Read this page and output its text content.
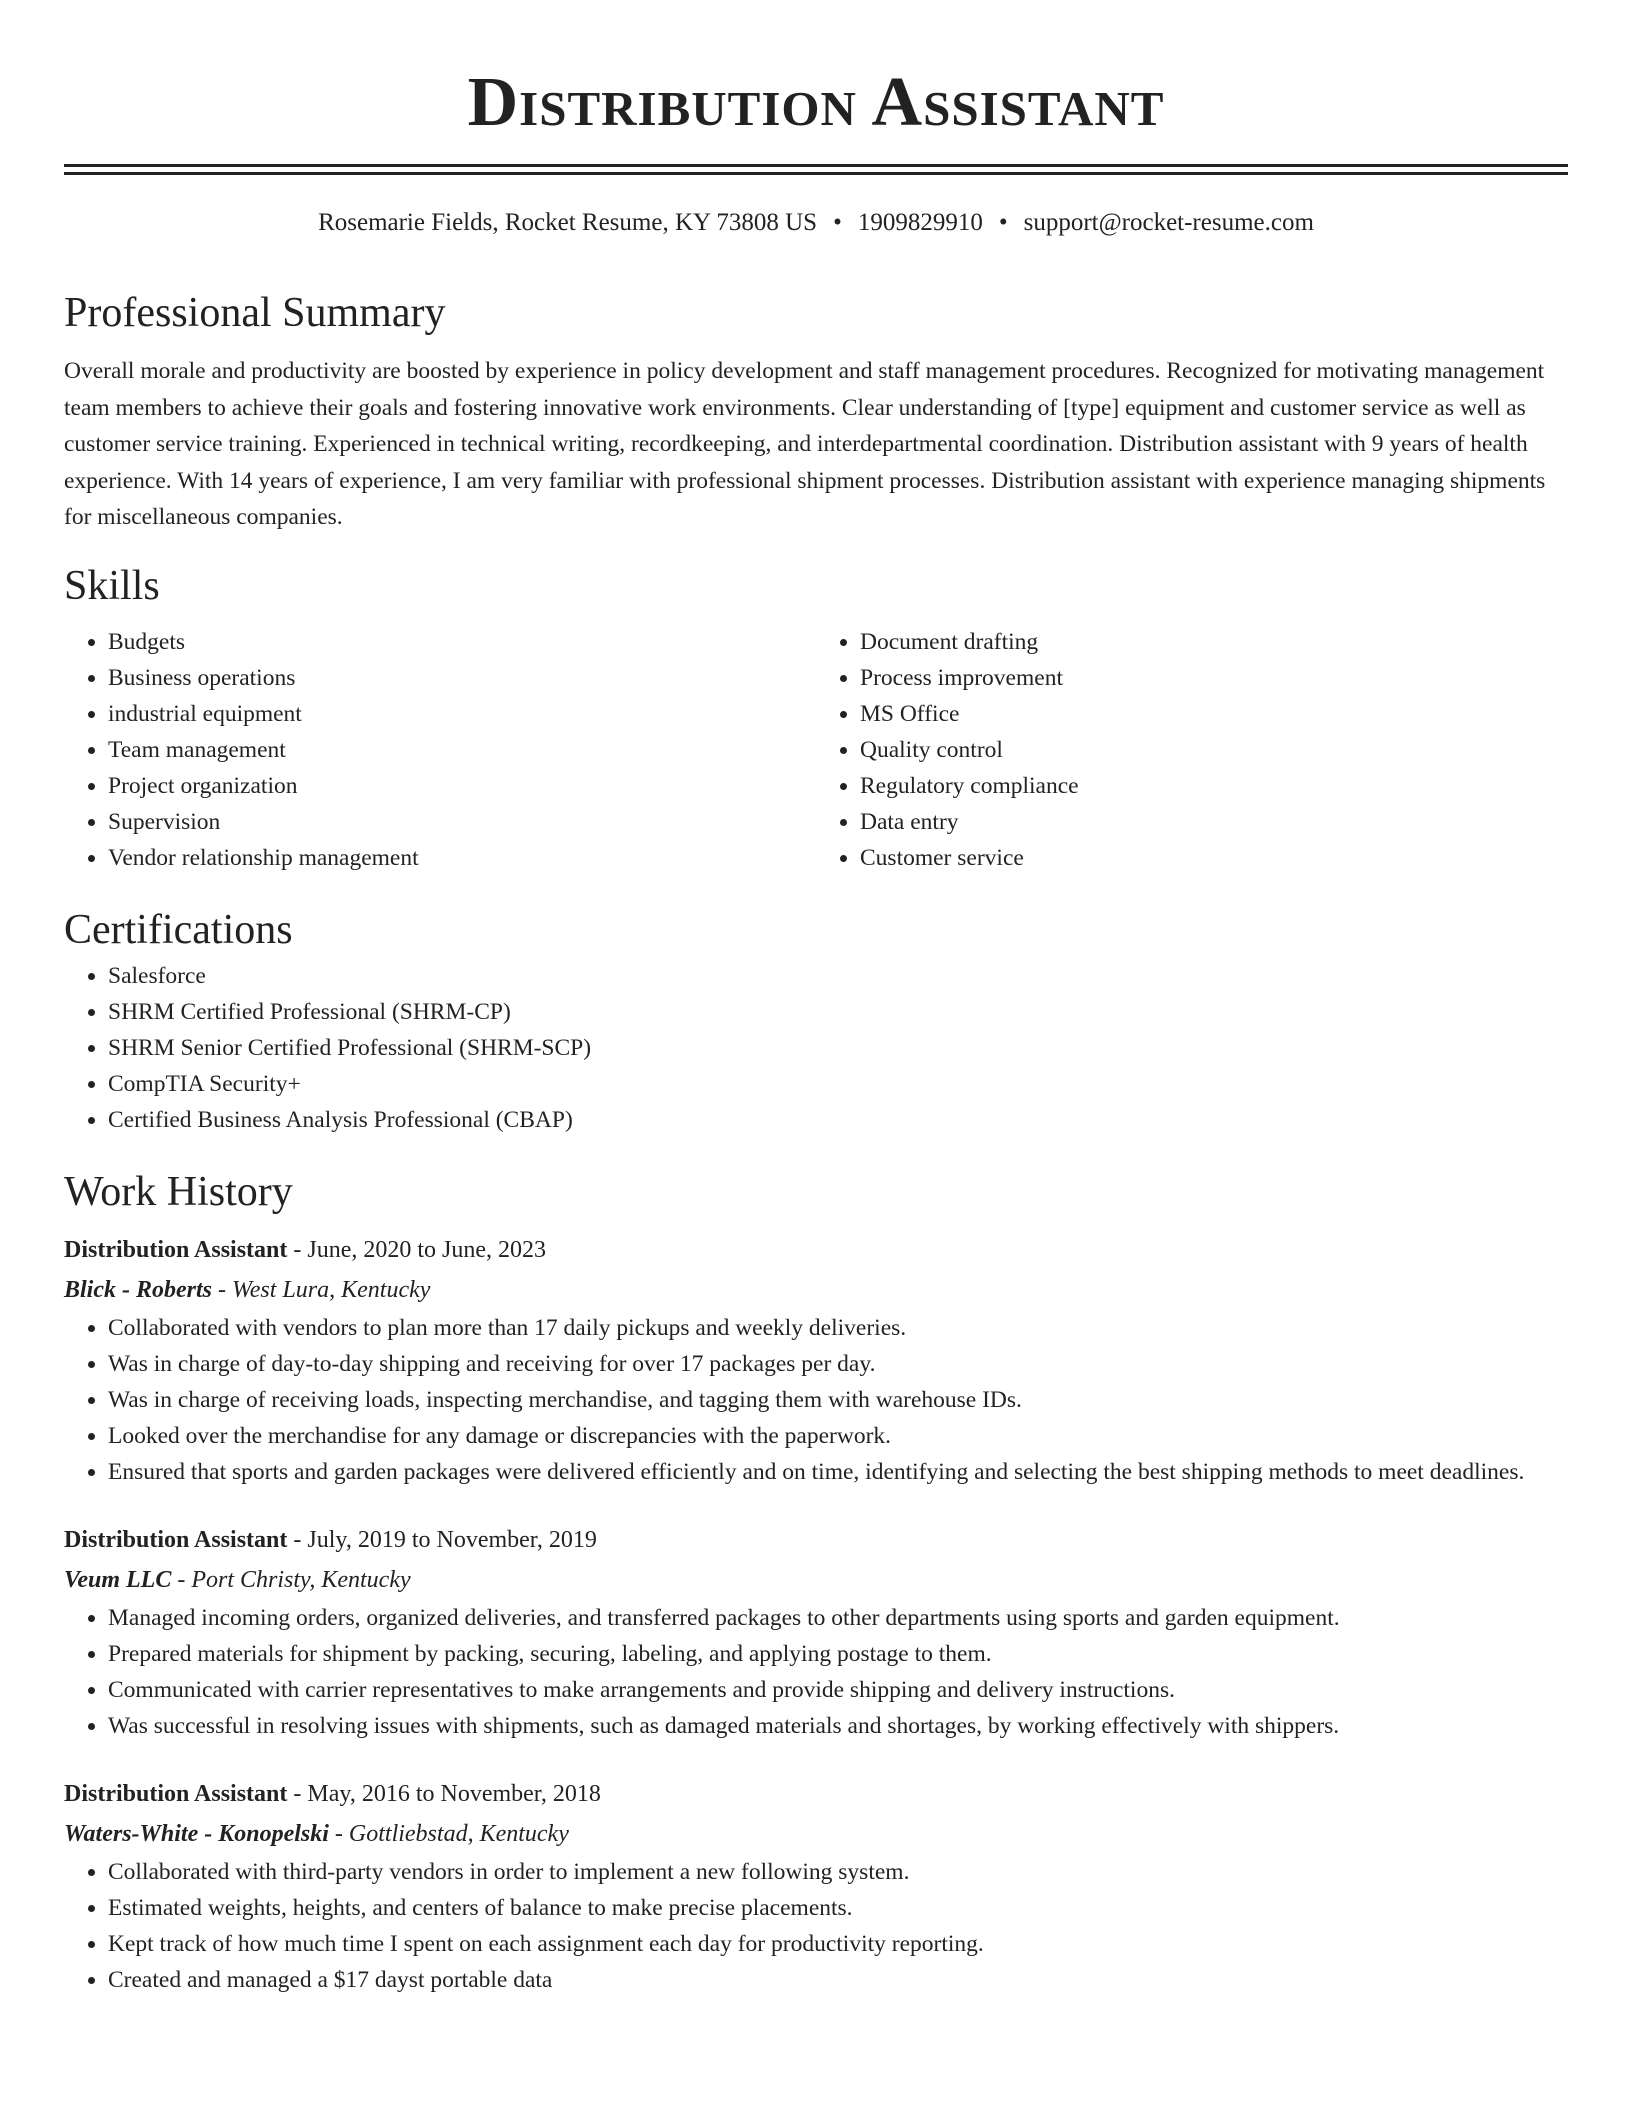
Distribution Assistant
Rosemarie Fields, Rocket Resume, KY 73808 US • 1909829910 • support@rocket-resume.com
Professional Summary
Overall morale and productivity are boosted by experience in policy development and staff management procedures. Recognized for motivating management team members to achieve their goals and fostering innovative work environments. Clear understanding of [type] equipment and customer service as well as customer service training. Experienced in technical writing, recordkeeping, and interdepartmental coordination. Distribution assistant with 9 years of health experience. With 14 years of experience, I am very familiar with professional shipment processes. Distribution assistant with experience managing shipments for miscellaneous companies.
Skills
• Budgets
• Business operations
• industrial equipment
• Team management
• Project organization
• Supervision
• Vendor relationship management
• Document drafting
• Process improvement
• MS Office
• Quality control
• Regulatory compliance
• Data entry
• Customer service
Certifications
• Salesforce
• SHRM Certified Professional (SHRM-CP)
• SHRM Senior Certified Professional (SHRM-SCP)
• CompTIA Security+
• Certified Business Analysis Professional (CBAP)
Work History
Distribution Assistant - June, 2020 to June, 2023
Blick - Roberts - West Lura, Kentucky
• Collaborated with vendors to plan more than 17 daily pickups and weekly deliveries.
• Was in charge of day-to-day shipping and receiving for over 17 packages per day.
• Was in charge of receiving loads, inspecting merchandise, and tagging them with warehouse IDs.
• Looked over the merchandise for any damage or discrepancies with the paperwork.
• Ensured that sports and garden packages were delivered efficiently and on time, identifying and selecting the best shipping methods to meet deadlines.
Distribution Assistant - July, 2019 to November, 2019
Veum LLC - Port Christy, Kentucky
• Managed incoming orders, organized deliveries, and transferred packages to other departments using sports and garden equipment.
• Prepared materials for shipment by packing, securing, labeling, and applying postage to them.
• Communicated with carrier representatives to make arrangements and provide shipping and delivery instructions.
• Was successful in resolving issues with shipments, such as damaged materials and shortages, by working effectively with shippers.
Distribution Assistant - May, 2016 to November, 2018
Waters-White - Konopelski - Gottliebstad, Kentucky
• Collaborated with third-party vendors in order to implement a new following system.
• Estimated weights, heights, and centers of balance to make precise placements.
• Kept track of how much time I spent on each assignment each day for productivity reporting.
• Created and managed a $17 dayst portable data
